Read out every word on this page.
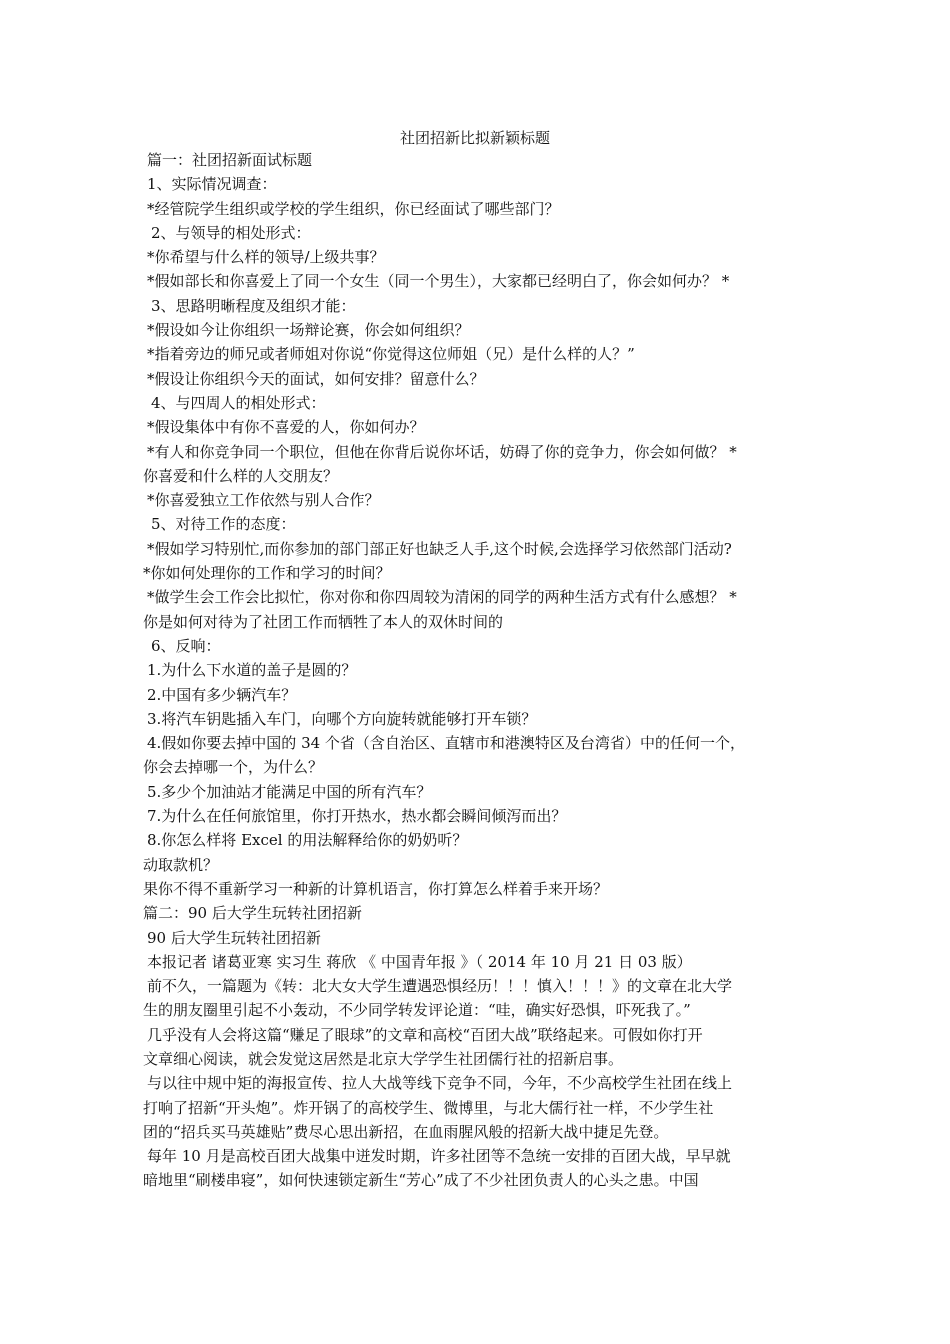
社团招新比拟新颖标题

篇一：社团招新面试标题

1、实际情况调查：

*经管院学生组织或学校的学生组织，你已经面试了哪些部门？

2、与领导的相处形式：

*你希望与什么样的领导/上级共事？

*假如部长和你喜爱上了同一个女生（同一个男生），大家都已经明白了，你会如何办？ *

3、思路明晰程度及组织才能：

*假设如今让你组织一场辩论赛，你会如何组织？

*指着旁边的师兄或者师姐对你说“你觉得这位师姐（兄）是什么样的人？”

*假设让你组织今天的面试，如何安排？留意什么？

4、与四周人的相处形式：

*假设集体中有你不喜爱的人，你如何办？

*有人和你竞争同一个职位，但他在你背后说你坏话，妨碍了你的竞争力，你会如何做？ *

你喜爱和什么样的人交朋友？

*你喜爱独立工作依然与别人合作？

5、对待工作的态度：

*假如学习特别忙,而你参加的部门部正好也缺乏人手,这个时候,会选择学习依然部门活动?

*你如何处理你的工作和学习的时间？

*做学生会工作会比拟忙，你对你和你四周较为清闲的同学的两种生活方式有什么感想？ *

你是如何对待为了社团工作而牺牲了本人的双休时间的

6、反响：

1.为什么下水道的盖子是圆的？

2.中国有多少辆汽车？

3.将汽车钥匙插入车门，向哪个方向旋转就能够打开车锁？

4.假如你要去掉中国的 34 个省（含自治区、直辖市和港澳特区及台湾省）中的任何一个，

你会去掉哪一个，为什么？

5.多少个加油站才能满足中国的所有汽车？

7.为什么在任何旅馆里，你打开热水，热水都会瞬间倾泻而出？

8.你怎么样将 Excel 的用法解释给你的奶奶听？

动取款机？

果你不得不重新学习一种新的计算机语言，你打算怎么样着手来开场？

篇二：90 后大学生玩转社团招新

90 后大学生玩转社团招新

本报记者 诸葛亚寒 实习生 蒋欣 《 中国青年报 》（ 2014 年 10 月 21 日 03 版）

前不久，一篇题为《转：北大女大学生遭遇恐惧经历！！！慎入！！！》的文章在北大学

生的朋友圈里引起不小轰动，不少同学转发评论道：“哇，确实好恐惧，吓死我了。”

几乎没有人会将这篇“赚足了眼球”的文章和高校“百团大战”联络起来。可假如你打开

文章细心阅读，就会发觉这居然是北京大学学生社团儒行社的招新启事。

与以往中规中矩的海报宣传、拉人大战等线下竞争不同，今年，不少高校学生社团在线上

打响了招新“开头炮”。炸开锅了的高校学生、微博里，与北大儒行社一样，不少学生社

团的“招兵买马英雄贴”费尽心思出新招，在血雨腥风般的招新大战中捷足先登。

每年 10 月是高校百团大战集中迸发时期，许多社团等不急统一安排的百团大战，早早就

暗地里“刷楼串寝”，如何快速锁定新生“芳心”成了不少社团负责人的心头之患。中国
